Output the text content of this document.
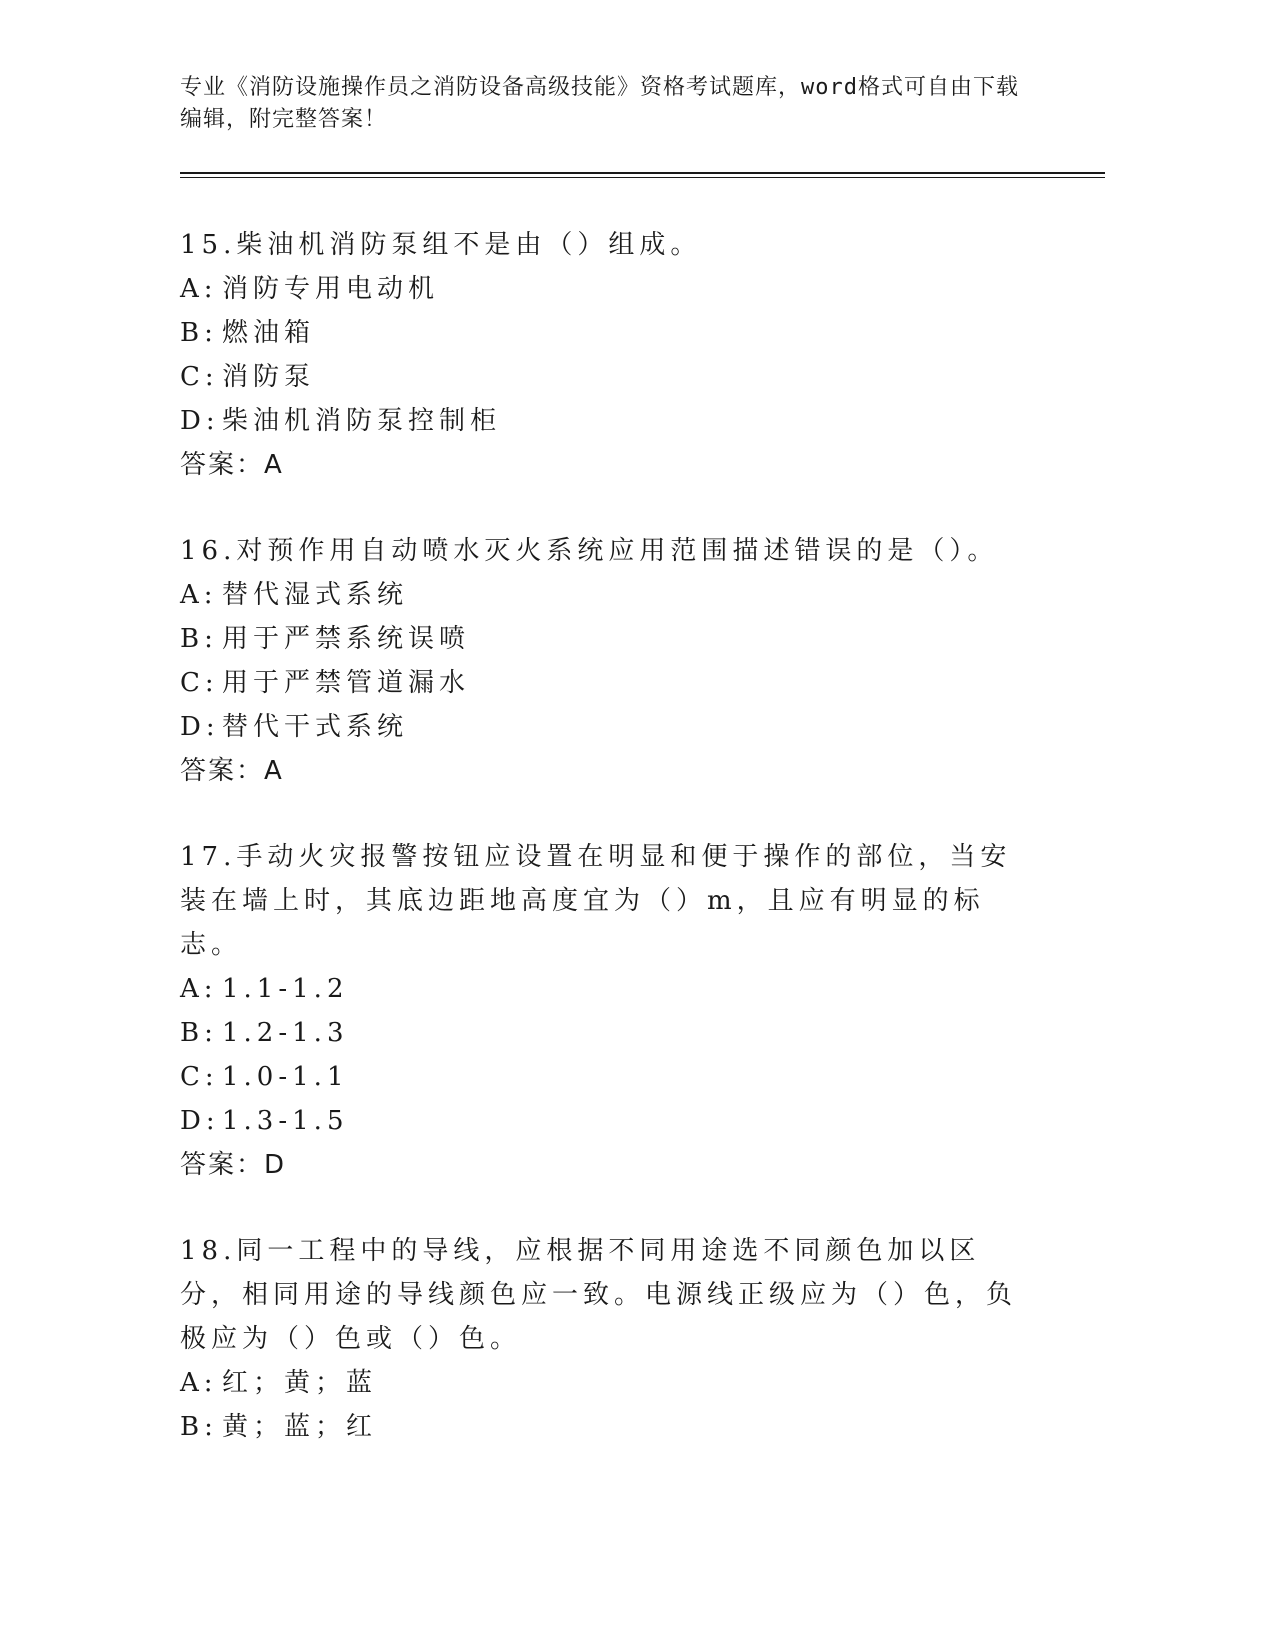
专业《消防设施操作员之消防设备高级技能》资格考试题库，word格式可自由下载编辑，附完整答案！
15.柴油机消防泵组不是由（）组成。
A: 消防专用电动机
B: 燃油箱
C: 消防泵
D:柴油机消防泵控制柜
答案：A
16.对预作用自动喷水灭火系统应用范围描述错误的是（）。
A: 替代湿式系统
B: 用于严禁系统误喷
C: 用于严禁管道漏水
D:替代干式系统
答案：A
17.手动火灾报警按钮应设置在明显和便于操作的部位，当安装在墙上时，其底边距地高度宜为（）m，且应有明显的标志。
A: 1.1-1.2
B: 1.2-1.3
C: 1.0-1.1
D:1.3-1.5
答案：D
18.同一工程中的导线，应根据不同用途选不同颜色加以区分，相同用途的导线颜色应一致。电源线正级应为（）色，负极应为（）色或（）色。
A: 红；黄；蓝
B: 黄；蓝；红
